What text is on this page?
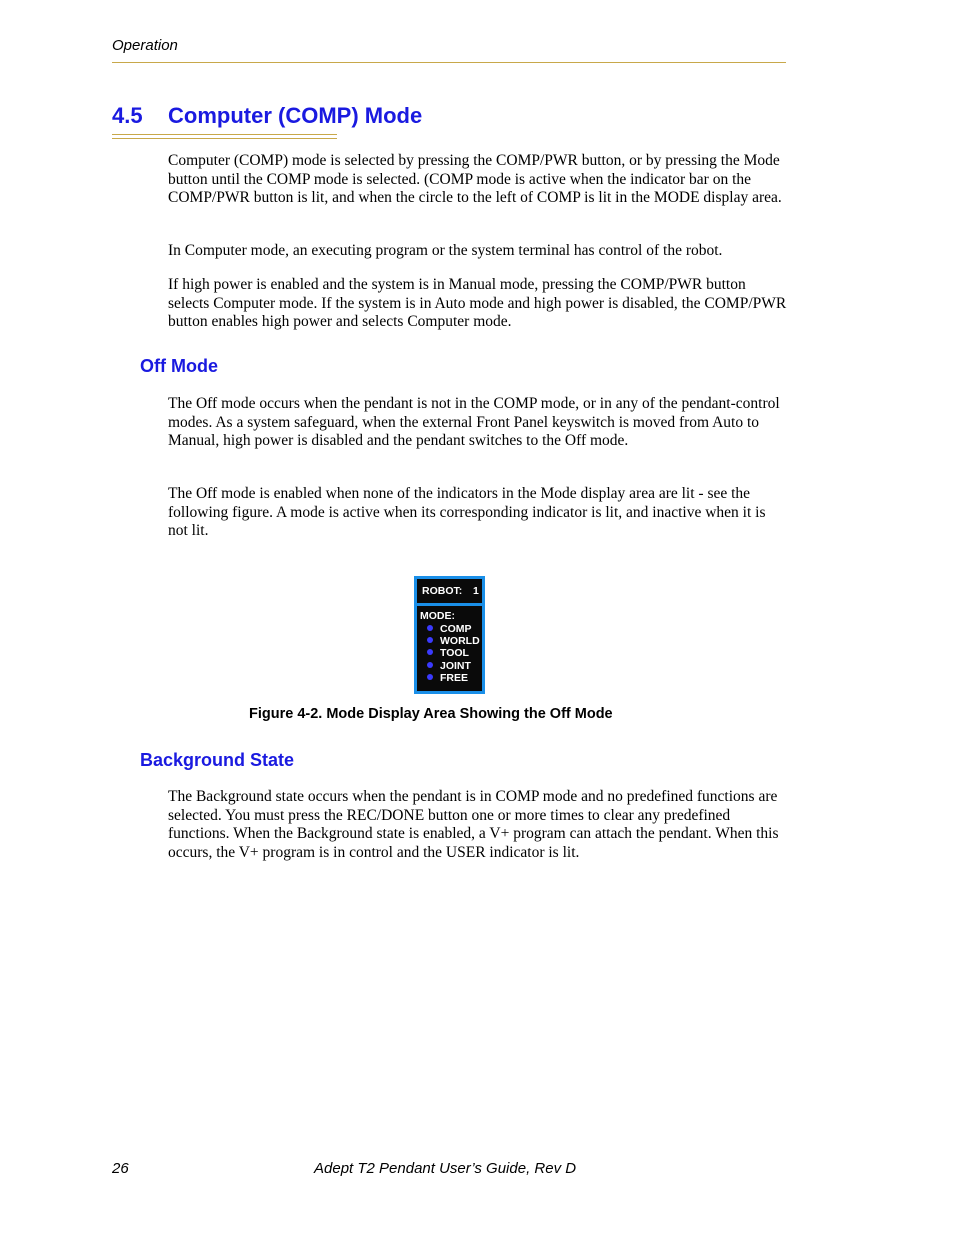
Operation
4.5 Computer (COMP) Mode

Computer (COMP) mode is selected by pressing the COMP/PWR button, or by pressing the Mode button until the COMP mode is selected. (COMP mode is active when the indicator bar on the COMP/PWR button is lit, and when the circle to the left of COMP is lit in the MODE display area.

In Computer mode, an executing program or the system terminal has control of the robot.

If high power is enabled and the system is in Manual mode, pressing the COMP/PWR button selects Computer mode. If the system is in Auto mode and high power is disabled, the COMP/PWR button enables high power and selects Computer mode.

Off Mode

The Off mode occurs when the pendant is not in the COMP mode, or in any of the pendant-control modes. As a system safeguard, when the external Front Panel keyswitch is moved from Auto to Manual, high power is disabled and the pendant switches to the Off mode.

The Off mode is enabled when none of the indicators in the Mode display area are lit - see the following figure. A mode is active when its corresponding indicator is lit, and inactive when it is not lit.

ROBOT: 1
MODE:
COMP
WORLD
TOOL
JOINT
FREE

Figure 4-2. Mode Display Area Showing the Off Mode

Background State

The Background state occurs when the pendant is in COMP mode and no predefined functions are selected. You must press the REC/DONE button one or more times to clear any predefined functions. When the Background state is enabled, a V+ program can attach the pendant. When this occurs, the V+ program is in control and the USER indicator is lit.

26	Adept T2 Pendant User’s Guide, Rev D
